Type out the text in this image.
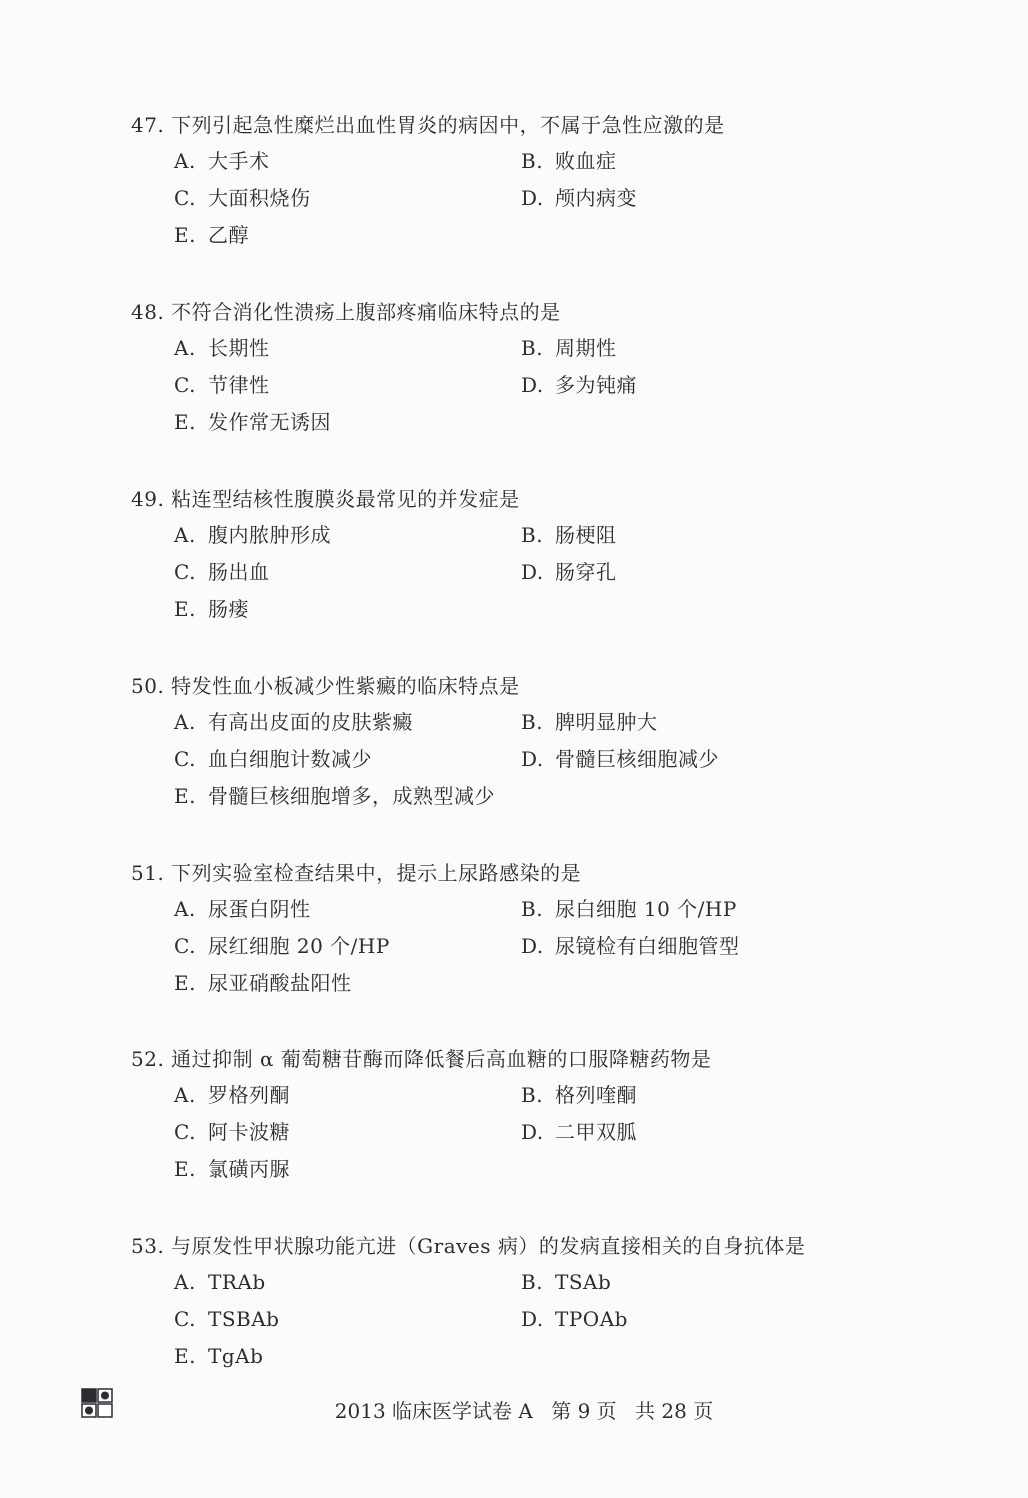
47. 下列引起急性糜烂出血性胃炎的病因中，不属于急性应激的是
A. 大手术	B. 败血症
C. 大面积烧伤	D. 颅内病变
E. 乙醇
48. 不符合消化性溃疡上腹部疼痛临床特点的是
A. 长期性	B. 周期性
C. 节律性	D. 多为钝痛
E. 发作常无诱因
49. 粘连型结核性腹膜炎最常见的并发症是
A. 腹内脓肿形成	B. 肠梗阻
C. 肠出血	D. 肠穿孔
E. 肠瘘
50. 特发性血小板减少性紫癜的临床特点是
A. 有高出皮面的皮肤紫癜	B. 脾明显肿大
C. 血白细胞计数减少	D. 骨髓巨核细胞减少
E. 骨髓巨核细胞增多，成熟型减少
51. 下列实验室检查结果中，提示上尿路感染的是
A. 尿蛋白阴性	B. 尿白细胞 10 个/HP
C. 尿红细胞 20 个/HP	D. 尿镜检有白细胞管型
E. 尿亚硝酸盐阳性
52. 通过抑制 α 葡萄糖苷酶而降低餐后高血糖的口服降糖药物是
A. 罗格列酮	B. 格列喹酮
C. 阿卡波糖	D. 二甲双胍
E. 氯磺丙脲
53. 与原发性甲状腺功能亢进（Graves 病）的发病直接相关的自身抗体是
A. TRAb	B. TSAb
C. TSBAb	D. TPOAb
E. TgAb
2013 临床医学试卷 A 第 9 页 共 28 页
